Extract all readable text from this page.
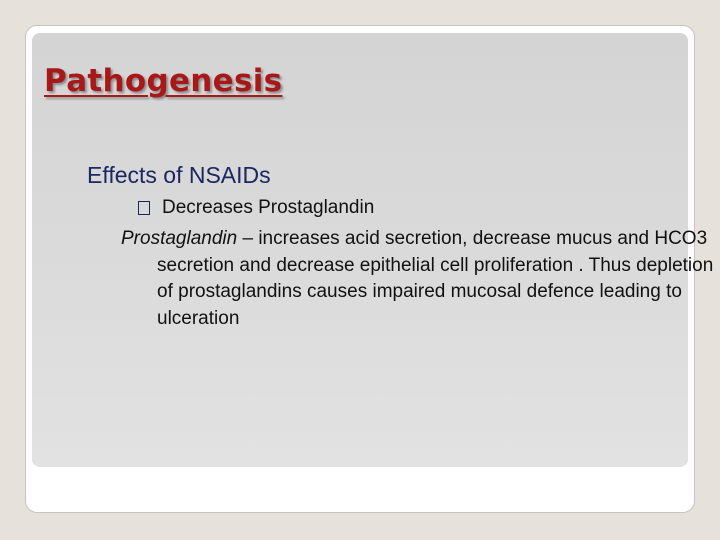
Pathogenesis
Effects of NSAIDs
Decreases Prostaglandin

Prostaglandin – increases acid secretion, decrease mucus and HCO3 secretion and decrease epithelial cell proliferation . Thus depletion of prostaglandins causes impaired mucosal defence leading to ulceration
